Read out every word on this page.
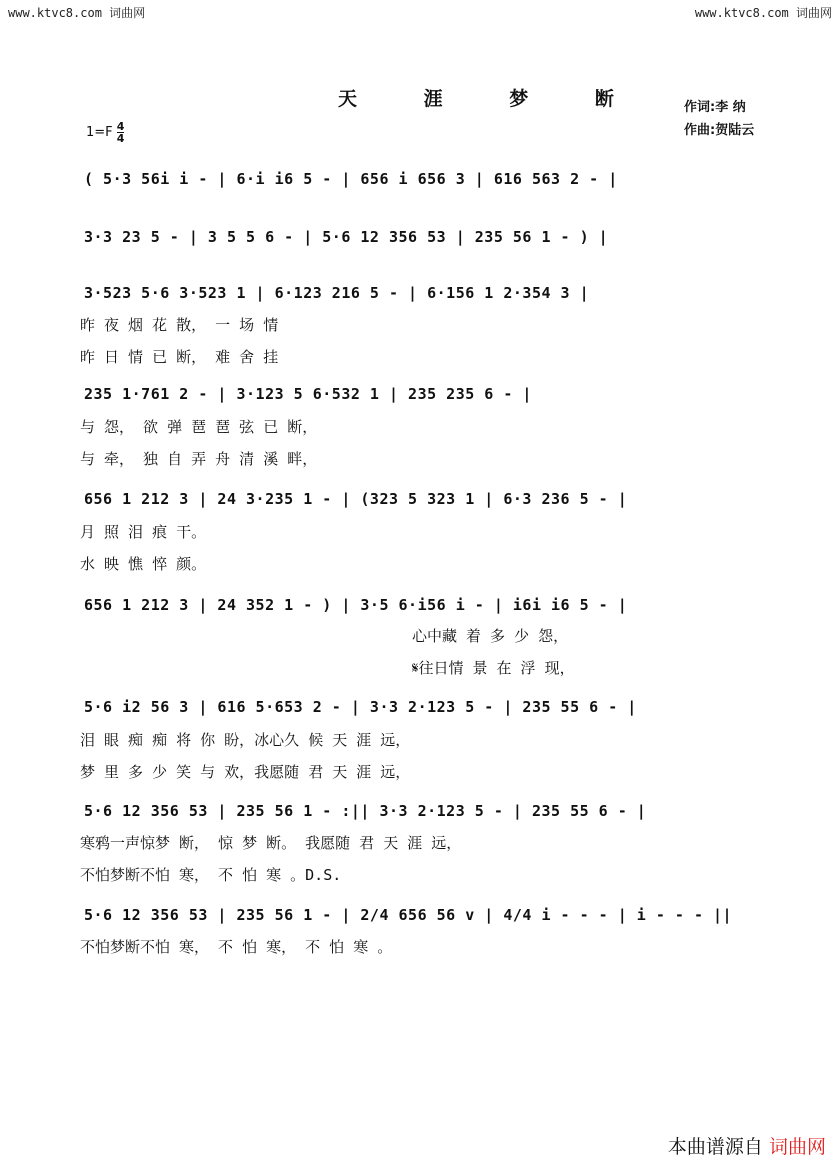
www.ktvc8.com 词曲网	www.ktvc8.com 词曲网
天 涯 梦 断	作词:李 纳
作曲:贺陆云
$1=F \frac{4}{4}$
( 5·3 56i i - | 6·i i6 5 - | 656 i 656 3 | 616 563 2 - |
3·3 23 5 - | 3 5 5 6 - | 5·6 12 356 53 | 235 56 1 - ) |
3·523 5·6 3·523 1 | 6·123 216 5 - | 6·156 1 2·354 3 |
昨 夜 烟 花 散， 一 场 情
昨 日 情 已 断， 难 舍 挂
235 1·761 2 - | 3·123 5 6·532 1 | 235 235 6 - |
与 怨， 欲 弹 琶 琶 弦 已 断，
与 牵， 独 自 弄 舟 清 溪 畔，
656 1 212 3 | 24 3·235 1 - | (323 5 323 1 | 6·3 236 5 - |
月 照 泪 痕 干。
水 映 憔 悴 颜。
656 1 212 3 | 24 352 1 - ) | 3·5 6·i56 i - | i6i i6 5 - |
心中藏 着 多 少 怨，
𝄋往日情 景 在 浮 现，
5·6 i2 56 3 | 616 5·653 2 - | 3·3 2·123 5 - | 235 55 6 - |
泪 眼 痴 痴 将 你 盼，冰心久 候 天 涯 远，
梦 里 多 少 笑 与 欢，我愿随 君 天 涯 远，
5·6 12 356 53 | 235 56 1 - :|| 3·3 2·123 5 - | 235 55 6 - |
寒鸦一声惊梦 断， 惊 梦 断。 我愿随 君 天 涯 远，
不怕梦断不怕 寒， 不 怕 寒 。D.S.
5·6 12 356 53 | 235 56 1 - | 2/4 656 56 v | 4/4 i - - - | i - - - ||
不怕梦断不怕 寒， 不 怕 寒， 不 怕 寒 。
本曲谱源自 词曲网
